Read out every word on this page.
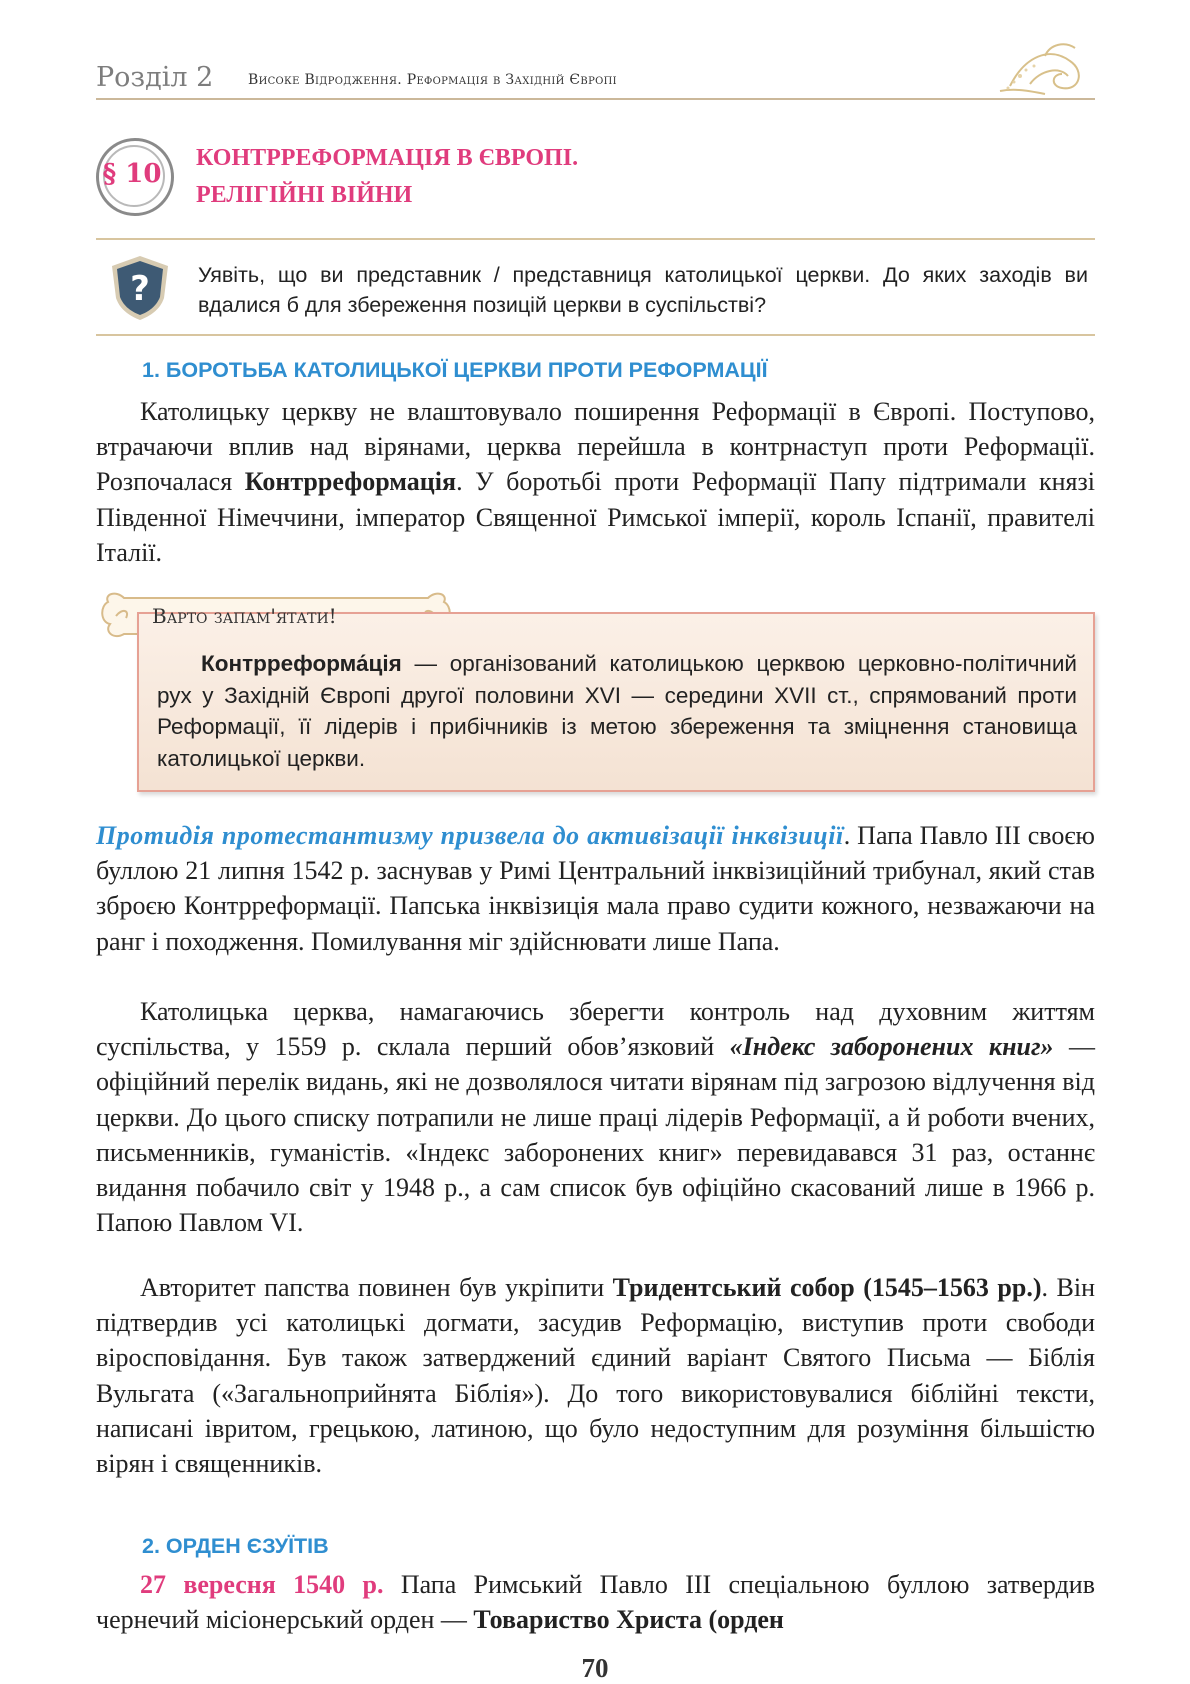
Розділ 2 Високе Відродження. Реформація в Західній Європі
§ 10
КОНТРРЕФОРМАЦІЯ В ЄВРОПІ.
РЕЛІГІЙНІ ВІЙНИ
? Уявіть, що ви представник / представниця католицької церкви. До яких заходів ви вдалися б для збереження позицій церкви в суспільстві?
1. БОРОТЬБА КАТОЛИЦЬКОЇ ЦЕРКВИ ПРОТИ РЕФОРМАЦІЇ
Католицьку церкву не влаштовувало поширення Реформації в Європі. Поступово, втрачаючи вплив над вірянами, церква перейшла в контрнаступ проти Реформації. Розпочалася Контрреформація. У боротьбі проти Реформації Папу підтримали князі Південної Німеччини, імператор Священної Римської імперії, король Іспанії, правителі Італії.
Контрреформа́ція — організований католицькою церквою церковно-політичний рух у Західній Європі другої половини XVI — середини XVII ст., спрямований проти Реформації, її лідерів і прибічників із метою збереження та зміцнення становища католицької церкви.
Варто запам'ятати!
Протидія протестантизму призвела до активізації інквізиції. Папа Павло III своєю буллою 21 липня 1542 р. заснував у Римі Центральний інквізиційний трибунал, який став зброєю Контрреформації. Папська інквізиція мала право судити кожного, незважаючи на ранг і походження. Помилування міг здійснювати лише Папа.
Католицька церква, намагаючись зберегти контроль над духовним життям суспільства, у 1559 р. склала перший обов’язковий «Індекс заборонених книг» — офіційний перелік видань, які не дозволялося читати вірянам під загрозою відлучення від церкви. До цього списку потрапили не лише праці лідерів Реформації, а й роботи вчених, письменників, гуманістів. «Індекс заборонених книг» перевидавався 31 раз, останнє видання побачило світ у 1948 р., а сам список був офіційно скасований лише в 1966 р. Папою Павлом VI.
Авторитет папства повинен був укріпити Тридентський собор (1545–1563 рр.). Він підтвердив усі католицькі догмати, засудив Реформацію, виступив проти свободи віросповідання. Був також затверджений єдиний варіант Святого Письма — Біблія Вульгата («Загальноприйнята Біблія»). До того використовувалися біблійні тексти, написані івритом, грецькою, латиною, що було недоступним для розуміння більшістю вірян і священників.
2. ОРДЕН ЄЗУЇТІВ
27 вересня 1540 р. Папа Римський Павло III спеціальною буллою затвердив чернечий місіонерський орден — Товариство Христа (орден
70
